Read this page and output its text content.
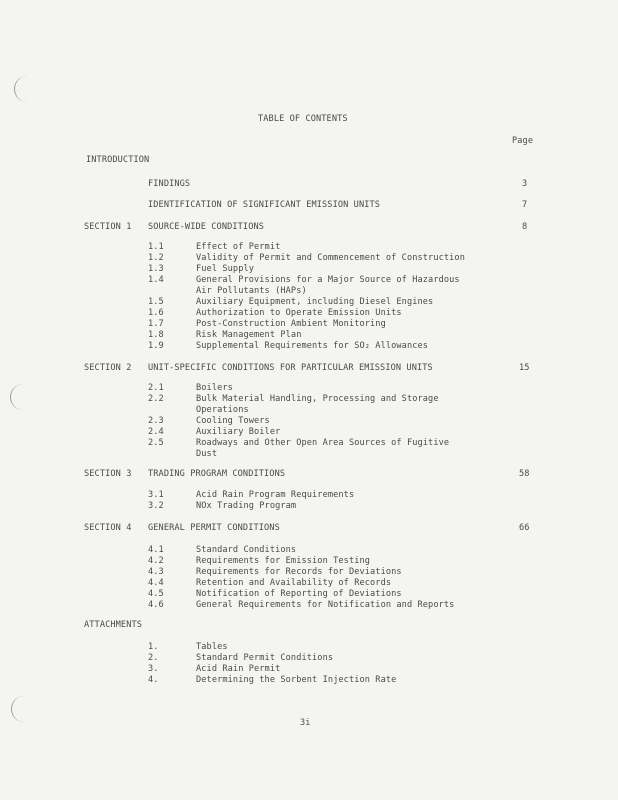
TABLE OF CONTENTS
Page
INTRODUCTION
FINDINGS	3
IDENTIFICATION OF SIGNIFICANT EMISSION UNITS	7
SECTION 1 SOURCE-WIDE CONDITIONS	8
1.1	Effect of Permit
1.2	Validity of Permit and Commencement of Construction
1.3	Fuel Supply
1.4	General Provisions for a Major Source of Hazardous
Air Pollutants (HAPs)
1.5	Auxiliary Equipment, including Diesel Engines
1.6	Authorization to Operate Emission Units
1.7	Post-Construction Ambient Monitoring
1.8	Risk Management Plan
1.9	Supplemental Requirements for SO₂ Allowances
SECTION 2 UNIT-SPECIFIC CONDITIONS FOR PARTICULAR EMISSION UNITS	15
2.1	Boilers
2.2	Bulk Material Handling, Processing and Storage
Operations
2.3	Cooling Towers
2.4	Auxiliary Boiler
2.5	Roadways and Other Open Area Sources of Fugitive
Dust
SECTION 3 TRADING PROGRAM CONDITIONS	58
3.1	Acid Rain Program Requirements
3.2	NOx Trading Program
SECTION 4 GENERAL PERMIT CONDITIONS	66
4.1	Standard Conditions
4.2	Requirements for Emission Testing
4.3	Requirements for Records for Deviations
4.4	Retention and Availability of Records
4.5	Notification of Reporting of Deviations
4.6	General Requirements for Notification and Reports
ATTACHMENTS
1.	Tables
2.	Standard Permit Conditions
3.	Acid Rain Permit
4.	Determining the Sorbent Injection Rate
3i
